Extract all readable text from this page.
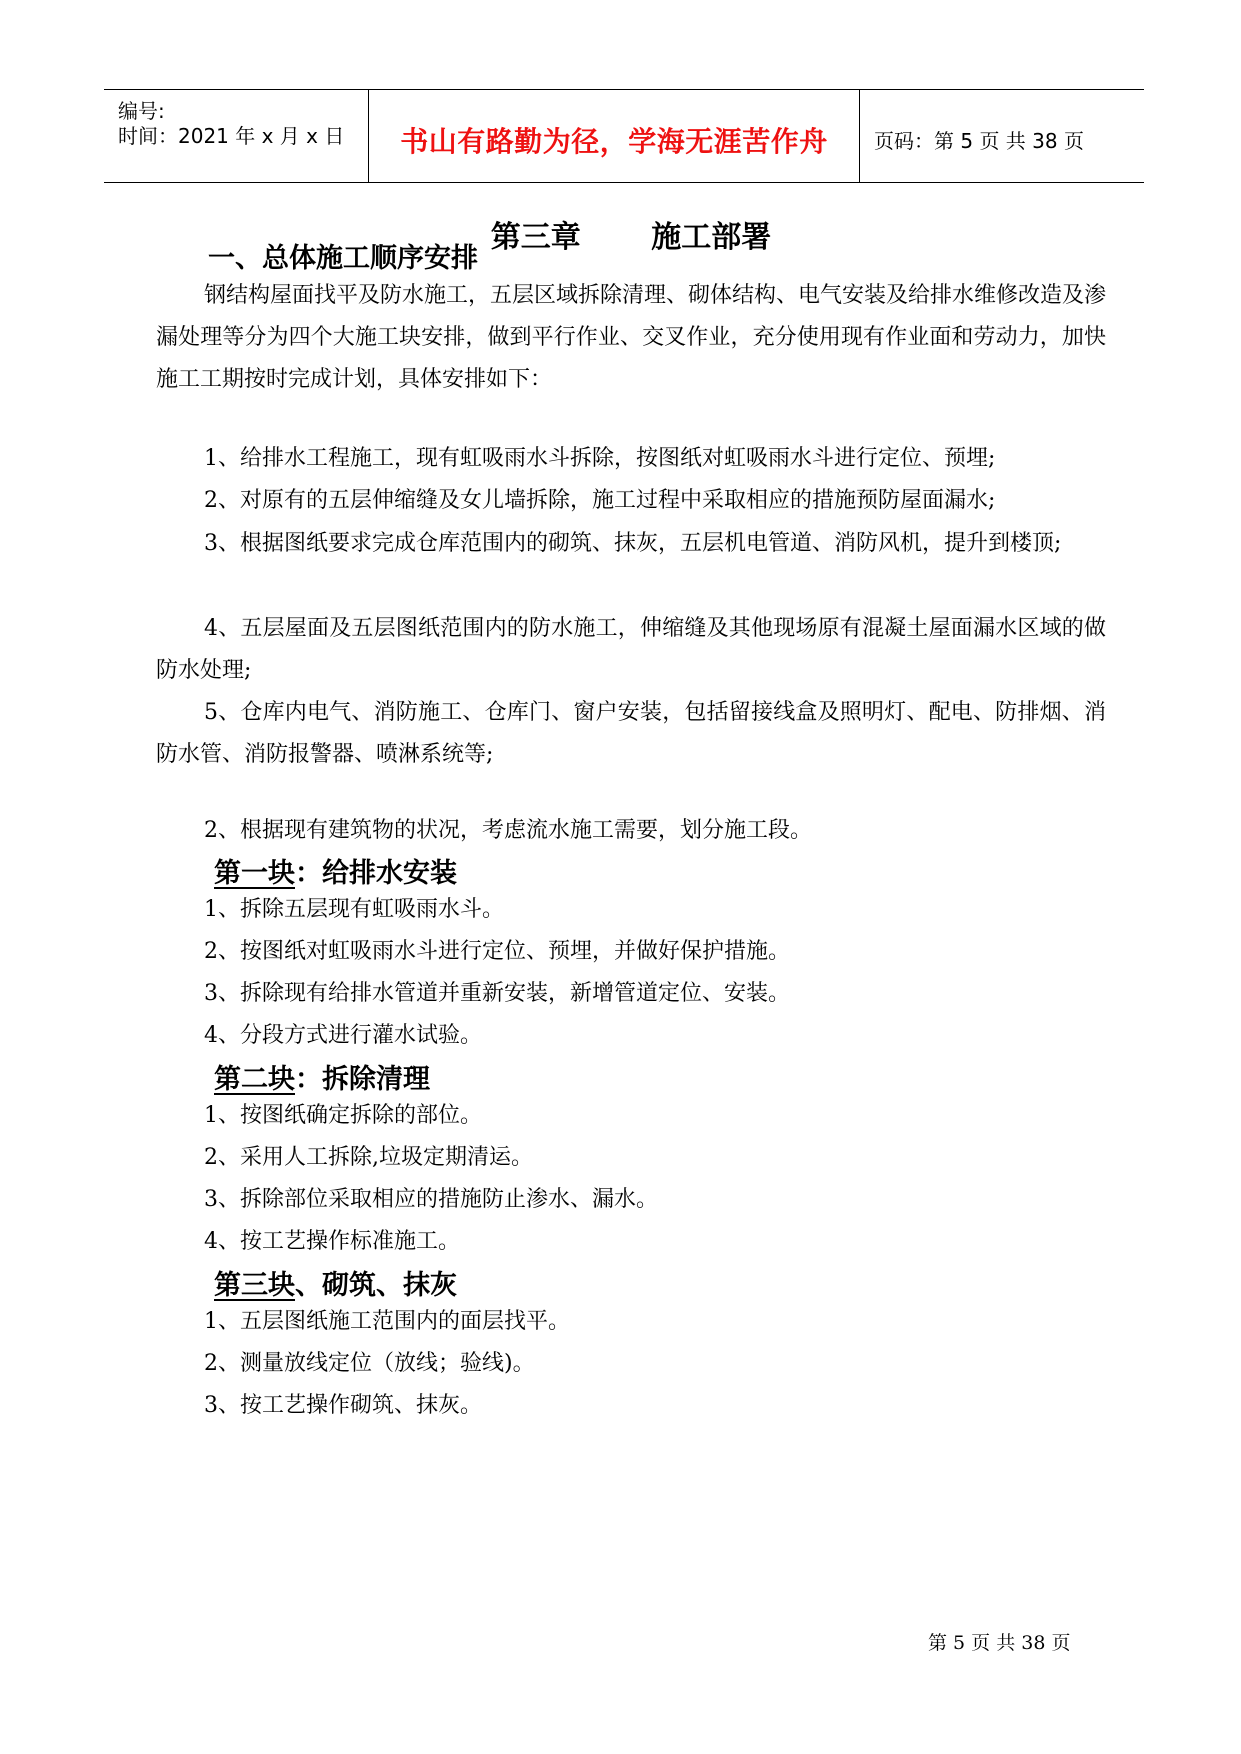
编号:
时间：2021 年 x 月 x 日	书山有路勤为径，学海无涯苦作舟	页码：第 5 页 共 38 页
第三章 施工部署
一、总体施工顺序安排
钢结构屋面找平及防水施工，五层区域拆除清理、砌体结构、电气安装及给排水维修改造及渗漏处理等分为四个大施工块安排，做到平行作业、交叉作业，充分使用现有作业面和劳动力，加快施工工期按时完成计划，具体安排如下：
1、给排水工程施工，现有虹吸雨水斗拆除，按图纸对虹吸雨水斗进行定位、预埋;
2、对原有的五层伸缩缝及女儿墙拆除，施工过程中采取相应的措施预防屋面漏水;
3、根据图纸要求完成仓库范围内的砌筑、抹灰，五层机电管道、消防风机，提升到楼顶;
4、五层屋面及五层图纸范围内的防水施工，伸缩缝及其他现场原有混凝土屋面漏水区域的做防水处理;
5、仓库内电气、消防施工、仓库门、窗户安装，包括留接线盒及照明灯、配电、防排烟、消防水管、消防报警器、喷淋系统等;
2、根据现有建筑物的状况，考虑流水施工需要，划分施工段。
第一块：给排水安装
1、拆除五层现有虹吸雨水斗。
2、按图纸对虹吸雨水斗进行定位、预埋，并做好保护措施。
3、拆除现有给排水管道并重新安装，新增管道定位、安装。
4、分段方式进行灌水试验。
第二块：拆除清理
1、按图纸确定拆除的部位。
2、采用人工拆除,垃圾定期清运。
3、拆除部位采取相应的措施防止渗水、漏水。
4、按工艺操作标准施工。
第三块、砌筑、抹灰
1、五层图纸施工范围内的面层找平。
2、测量放线定位（放线；验线)。
3、按工艺操作砌筑、抹灰。
第 5 页 共 38 页
